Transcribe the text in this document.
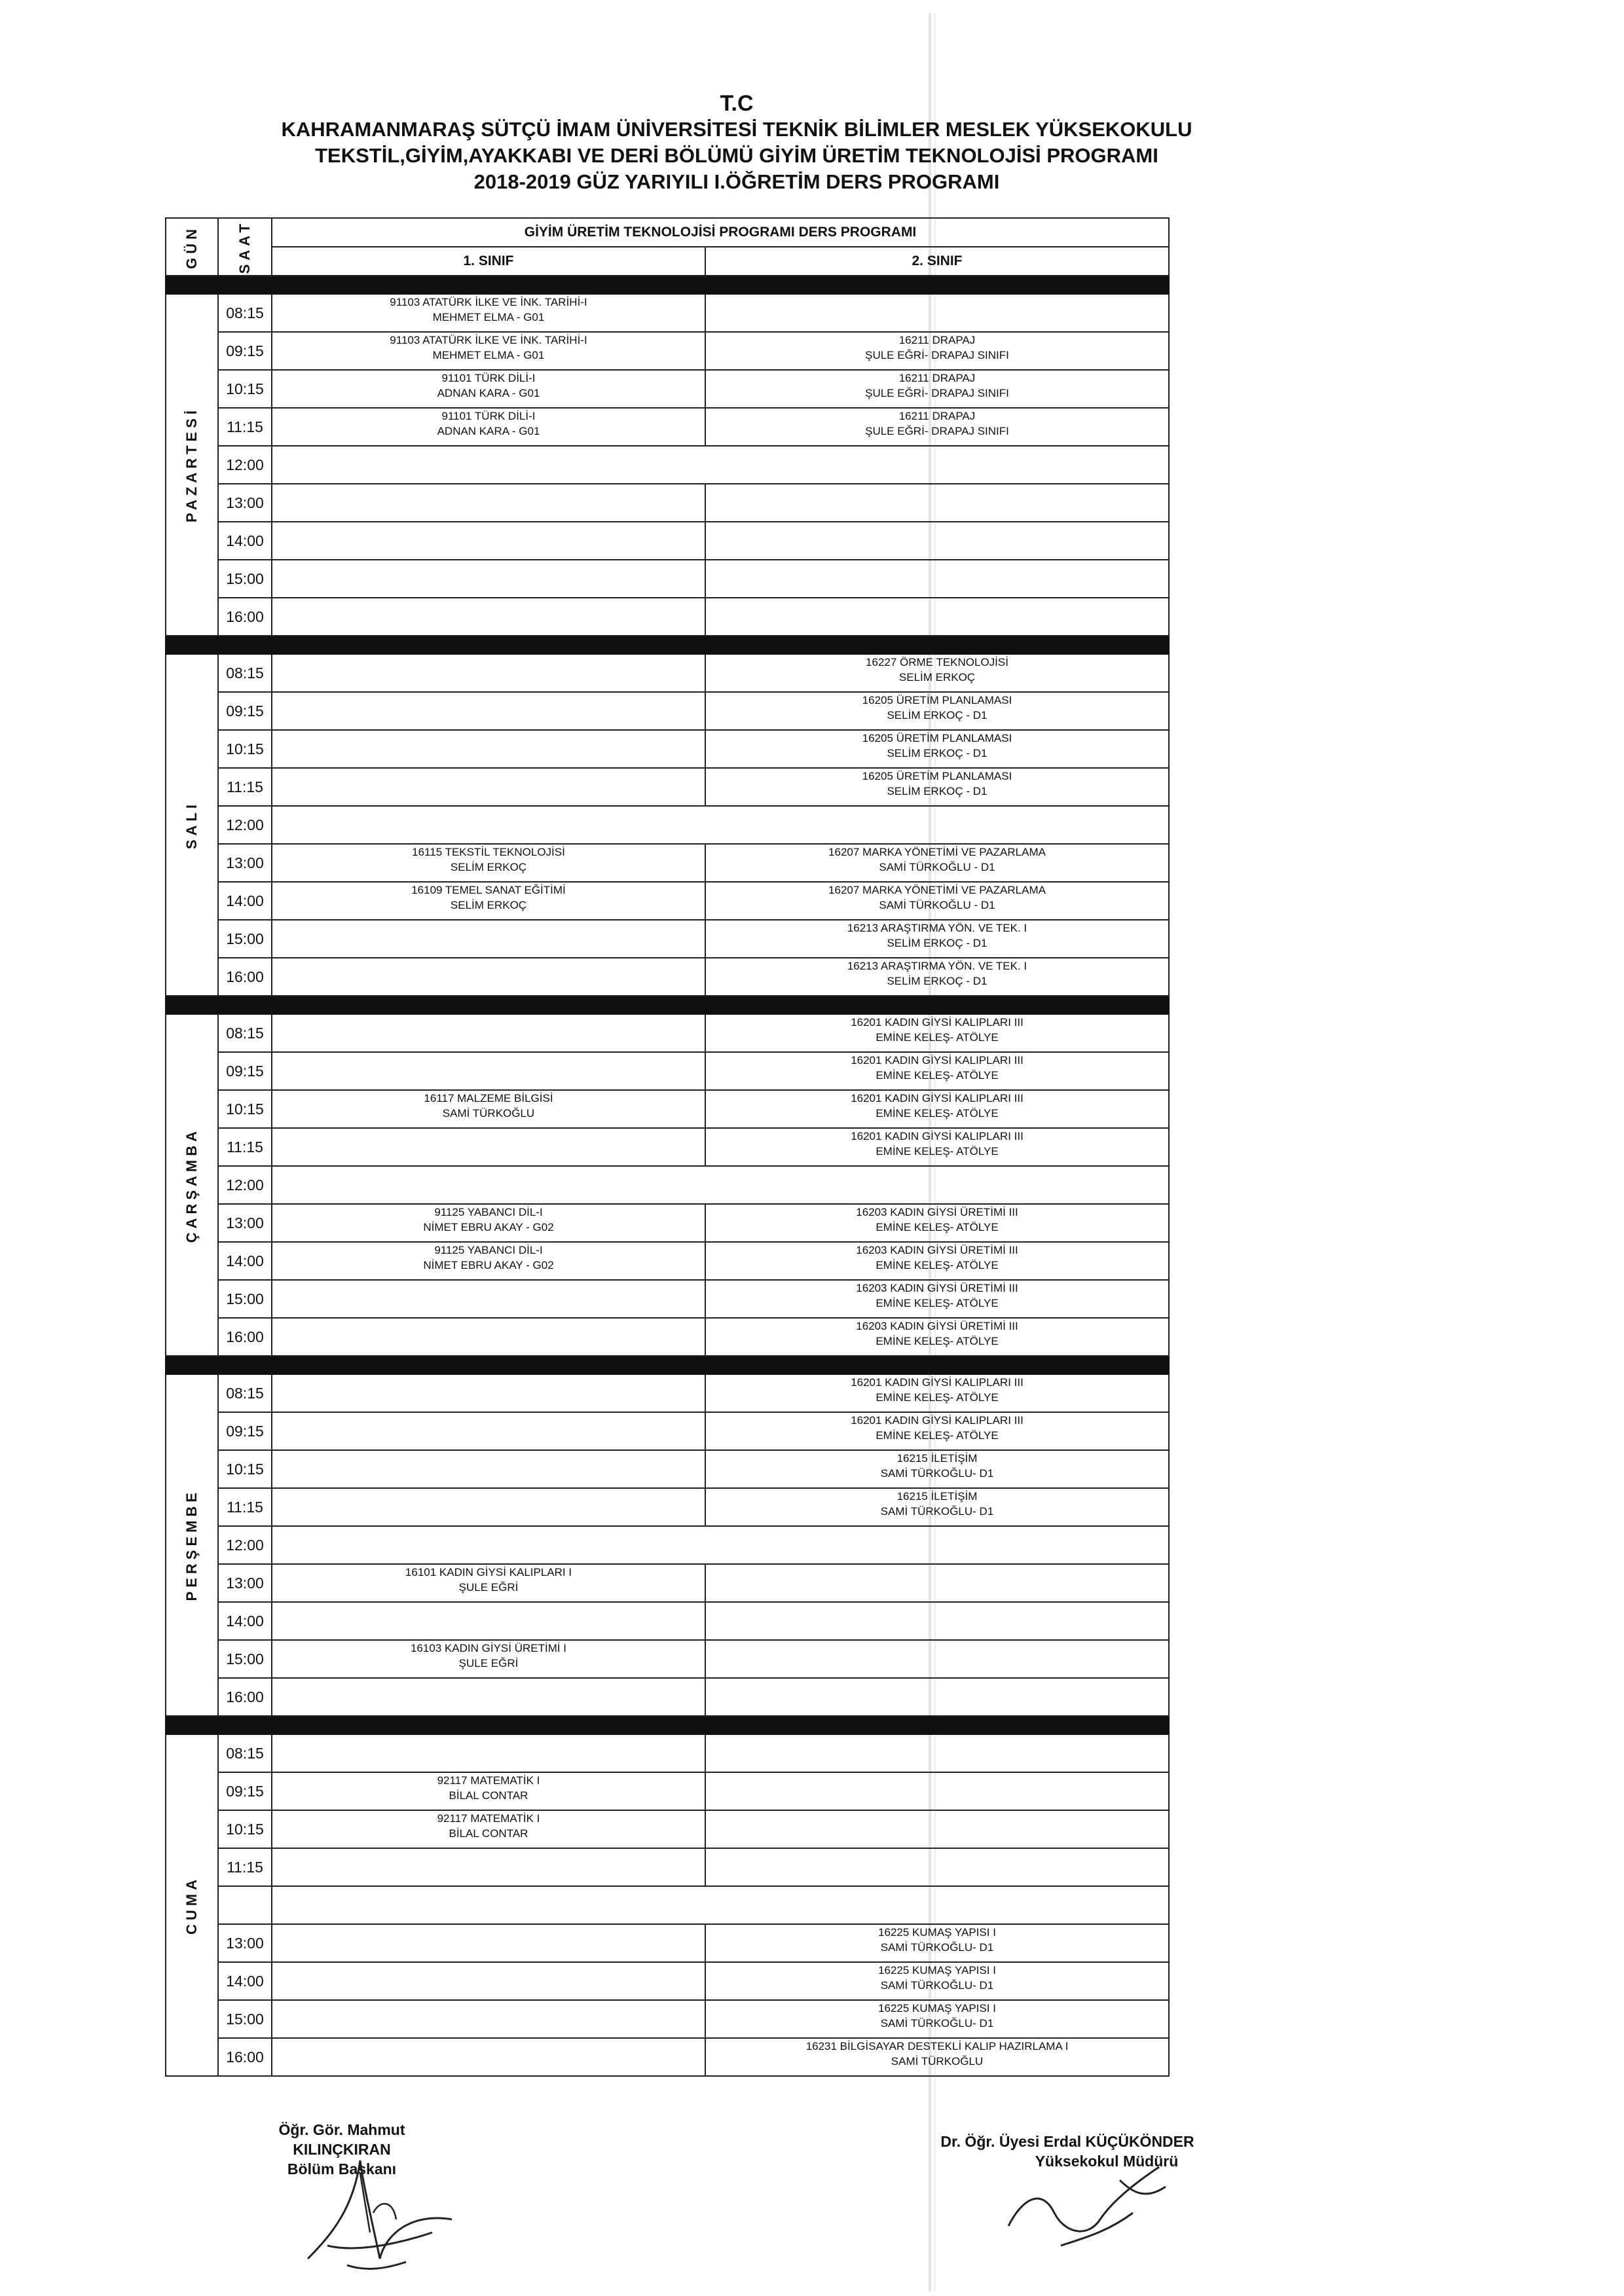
T.C
KAHRAMANMARAŞ SÜTÇÜ İMAM ÜNİVERSİTESİ TEKNİK BİLİMLER MESLEK YÜKSEKOKULU
TEKSTİL,GİYİM,AYAKKABI VE DERİ BÖLÜMÜ GİYİM ÜRETİM TEKNOLOJİSİ PROGRAMI
2018-2019 GÜZ YARIYILI I.ÖĞRETİM DERS PROGRAMI
GÜN	SAAT	GİYİM ÜRETİM TEKNOLOJİSİ PROGRAMI DERS PROGRAMI	
		1. SINIF	2. SINIF

PAZARTESİ	08:15	91103 ATATÜRK İLKE VE İNK. TARİHİ-I
MEHMET ELMA - G01	

	09:15	91103 ATATÜRK İLKE VE İNK. TARİHİ-I
MEHMET ELMA - G01	16211 DRAPAJ
ŞULE EĞRİ- DRAPAJ SINIFI

	10:15	91101 TÜRK DİLİ-I
ADNAN KARA - G01	16211 DRAPAJ
ŞULE EĞRİ- DRAPAJ SINIFI

	11:15	91101 TÜRK DİLİ-I
ADNAN KARA - G01	16211 DRAPAJ
ŞULE EĞRİ- DRAPAJ SINIFI

	12:00		
	13:00		
	14:00		
	15:00		
	16:00		

SALI	08:15		16227 ÖRME TEKNOLOJİSİ
SELİM ERKOÇ

	09:15		16205 ÜRETİM PLANLAMASI
SELİM ERKOÇ - D1

	10:15		16205 ÜRETİM PLANLAMASI
SELİM ERKOÇ - D1

	11:15		16205 ÜRETİM PLANLAMASI
SELİM ERKOÇ - D1

	12:00		
	13:00	16115 TEKSTİL TEKNOLOJİSİ
SELİM ERKOÇ	16207 MARKA YÖNETİMİ VE PAZARLAMA
SAMİ TÜRKOĞLU - D1

	14:00	16109 TEMEL SANAT EĞİTİMİ
SELİM ERKOÇ	16207 MARKA YÖNETİMİ VE PAZARLAMA
SAMİ TÜRKOĞLU - D1

	15:00		16213 ARAŞTIRMA YÖN. VE TEK. I
SELİM ERKOÇ - D1

	16:00		16213 ARAŞTIRMA YÖN. VE TEK. I
SELİM ERKOÇ - D1

ÇARŞAMBA	08:15		16201 KADIN GİYSİ KALIPLARI III
EMİNE KELEŞ- ATÖLYE

	09:15		16201 KADIN GİYSİ KALIPLARI III
EMİNE KELEŞ- ATÖLYE

	10:15	16117 MALZEME BİLGİSİ
SAMİ TÜRKOĞLU	16201 KADIN GİYSİ KALIPLARI III
EMİNE KELEŞ- ATÖLYE

	11:15		16201 KADIN GİYSİ KALIPLARI III
EMİNE KELEŞ- ATÖLYE

	12:00		
	13:00	91125 YABANCI DİL-I
NİMET EBRU AKAY - G02	16203 KADIN GİYSİ ÜRETİMİ III
EMİNE KELEŞ- ATÖLYE

	14:00	91125 YABANCI DİL-I
NİMET EBRU AKAY - G02	16203 KADIN GİYSİ ÜRETİMİ III
EMİNE KELEŞ- ATÖLYE

	15:00		16203 KADIN GİYSİ ÜRETİMİ III
EMİNE KELEŞ- ATÖLYE

	16:00		16203 KADIN GİYSİ ÜRETİMİ III
EMİNE KELEŞ- ATÖLYE

PERŞEMBE	08:15		16201 KADIN GİYSİ KALIPLARI III
EMİNE KELEŞ- ATÖLYE

	09:15		16201 KADIN GİYSİ KALIPLARI III
EMİNE KELEŞ- ATÖLYE

	10:15		16215 İLETİŞİM
SAMİ TÜRKOĞLU- D1

	11:15		16215 İLETİŞİM
SAMİ TÜRKOĞLU- D1

	12:00		
	13:00	16101 KADIN GİYSİ KALIPLARI I
ŞULE EĞRİ	

	14:00		
	15:00	16103 KADIN GİYSİ ÜRETİMİ I
ŞULE EĞRİ	

	16:00		

CUMA	08:15		
	09:15	92117 MATEMATİK I
BİLAL CONTAR	

	10:15	92117 MATEMATİK I
BİLAL CONTAR	

	11:15		

	13:00		16225 KUMAŞ YAPISI I
SAMİ TÜRKOĞLU- D1

	14:00		16225 KUMAŞ YAPISI I
SAMİ TÜRKOĞLU- D1

	15:00		16225 KUMAŞ YAPISI I
SAMİ TÜRKOĞLU- D1

	16:00		16231 BİLGİSAYAR DESTEKLİ KALIP HAZIRLAMA I
SAMİ TÜRKOĞLU
Öğr. Gör. Mahmut KILINÇKIRAN
Bölüm Başkanı
Dr. Öğr. Üyesi Erdal KÜÇÜKÖNDER
Yüksekokul Müdürü
